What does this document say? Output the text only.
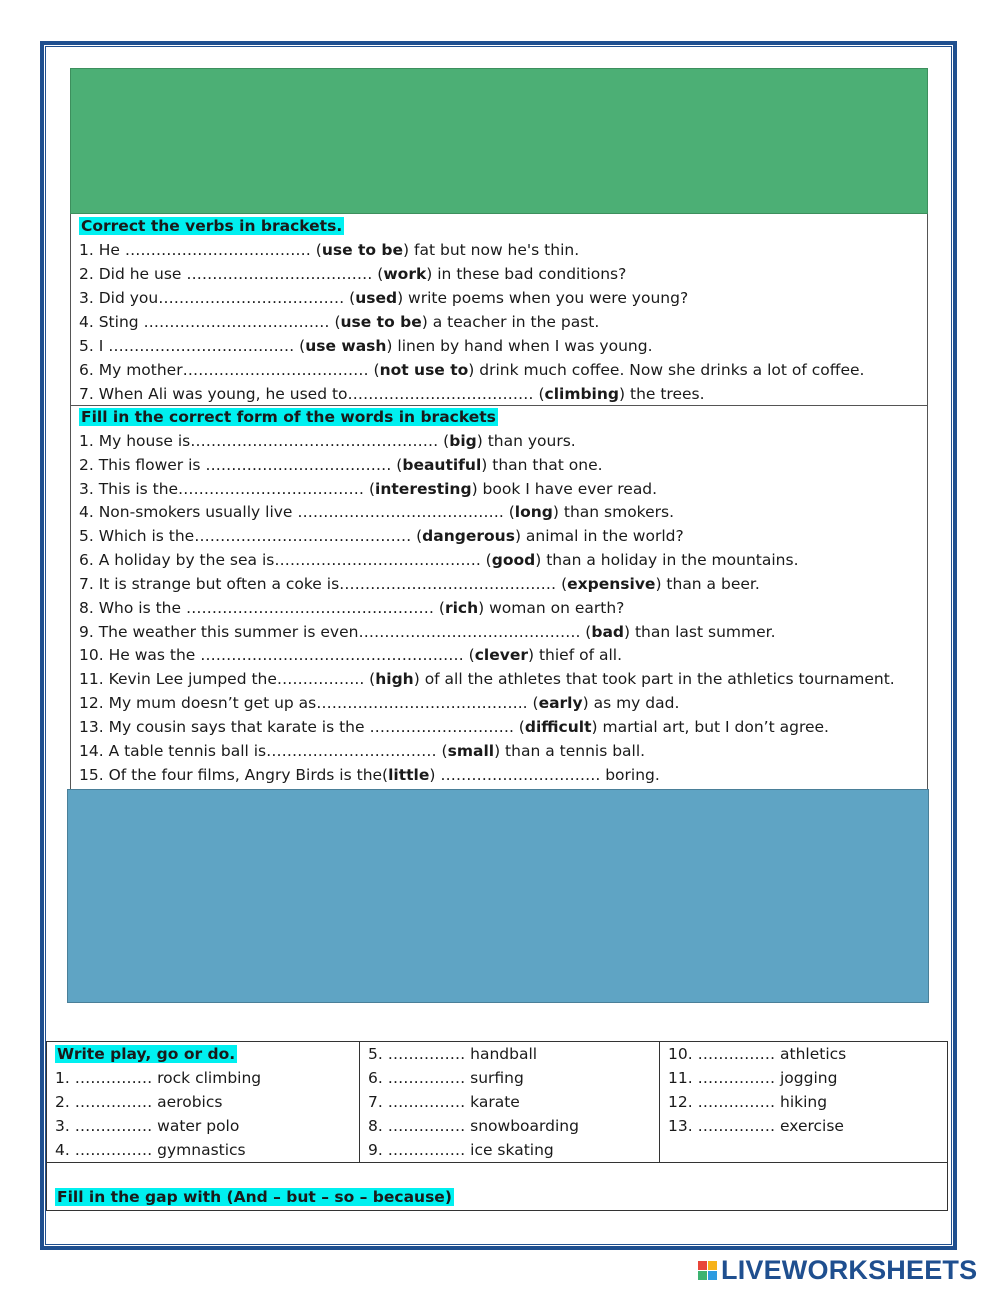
Correct the verbs in brackets.
1. He ……………………………… (use to be) fat but now he's thin.
2. Did he use ……………………………… (work) in these bad conditions?
3. Did you……………………………… (used) write poems when you were young?
4. Sting ……………………………… (use to be) a teacher in the past.
5. I ……………………………… (use wash) linen by hand when I was young.
6. My mother……………………………… (not use to) drink much coffee. Now she drinks a lot of coffee.
7. When Ali was young, he used to……………………………… (climbing) the trees.
Fill in the correct form of the words in brackets
1. My house is………………………………………… (big) than yours.
2. This flower is ……………………………… (beautiful) than that one.
3. This is the……………………………… (interesting) book I have ever read.
4. Non-smokers usually live …………………………………. (long) than smokers.
5. Which is the…………………………………… (dangerous) animal in the world?
6. A holiday by the sea is…………………………………. (good) than a holiday in the mountains.
7. It is strange but often a coke is…………………………………… (expensive) than a beer.
8. Who is the ………………………………………… (rich) woman on earth?
9. The weather this summer is even……………………………………. (bad) than last summer.
10. He was the …………………………………………… (clever) thief of all.
11. Kevin Lee jumped the…………….. (high) of all the athletes that took part in the athletics tournament.
12. My mum doesn’t get up as………………………………….. (early) as my dad.
13. My cousin says that karate is the ………………………. (difficult) martial art, but I don’t agree.
14. A table tennis ball is…………………………… (small) than a tennis ball.
15. Of the four films, Angry Birds is the(little) …………………………. boring.
Write play, go or do.
1. …………… rock climbing
2. …………… aerobics
3. …………… water polo
4. …………… gymnastics
5. …………… handball
6. …………… surfing
7. …………… karate
8. …………… snowboarding
9. …………… ice skating
10. …………… athletics
11. …………… jogging
12. …………… hiking
13. …………… exercise
Fill in the gap with (And – but – so – because)
LIVEWORKSHEETS
